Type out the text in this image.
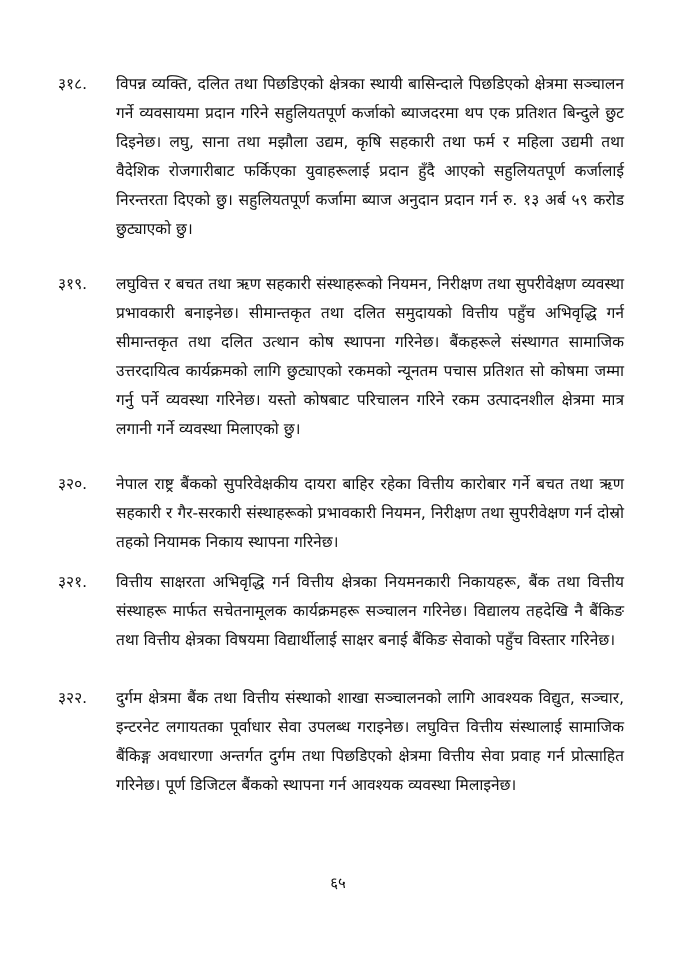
३१८. विपन्न व्यक्ति, दलित तथा पिछडिएको क्षेत्रका स्थायी बासिन्दाले पिछडिएको क्षेत्रमा सञ्चालन गर्ने व्यवसायमा प्रदान गरिने सहुलियतपूर्ण कर्जाको ब्याजदरमा थप एक प्रतिशत बिन्दुले छुट दिइनेछ। लघु, साना तथा मझौला उद्यम, कृषि सहकारी तथा फर्म र महिला उद्यमी तथा वैदेशिक रोजगारीबाट फर्किएका युवाहरूलाई प्रदान हुँदै आएको सहुलियतपूर्ण कर्जालाई निरन्तरता दिएको छु। सहुलियतपूर्ण कर्जामा ब्याज अनुदान प्रदान गर्न रु. १३ अर्ब ५९ करोड छुट्याएको छु।
३१९. लघुवित्त र बचत तथा ऋण सहकारी संस्थाहरूको नियमन, निरीक्षण तथा सुपरीवेक्षण व्यवस्था प्रभावकारी बनाइनेछ। सीमान्तकृत तथा दलित समुदायको वित्तीय पहुँच अभिवृद्धि गर्न सीमान्तकृत तथा दलित उत्थान कोष स्थापना गरिनेछ। बैंकहरूले संस्थागत सामाजिक उत्तरदायित्व कार्यक्रमको लागि छुट्याएको रकमको न्यूनतम पचास प्रतिशत सो कोषमा जम्मा गर्नु पर्ने व्यवस्था गरिनेछ। यस्तो कोषबाट परिचालन गरिने रकम उत्पादनशील क्षेत्रमा मात्र लगानी गर्ने व्यवस्था मिलाएको छु।
३२०. नेपाल राष्ट्र बैंकको सुपरिवेक्षकीय दायरा बाहिर रहेका वित्तीय कारोबार गर्ने बचत तथा ऋण सहकारी र गैर-सरकारी संस्थाहरूको प्रभावकारी नियमन, निरीक्षण तथा सुपरीवेक्षण गर्न दोस्रो तहको नियामक निकाय स्थापना गरिनेछ।
३२१. वित्तीय साक्षरता अभिवृद्धि गर्न वित्तीय क्षेत्रका नियमनकारी निकायहरू, बैंक तथा वित्तीय संस्थाहरू मार्फत सचेतनामूलक कार्यक्रमहरू सञ्चालन गरिनेछ। विद्यालय तहदेखि नै बैंकिङ तथा वित्तीय क्षेत्रका विषयमा विद्यार्थीलाई साक्षर बनाई बैंकिङ सेवाको पहुँच विस्तार गरिनेछ।
३२२. दुर्गम क्षेत्रमा बैंक तथा वित्तीय संस्थाको शाखा सञ्चालनको लागि आवश्यक विद्युत, सञ्चार, इन्टरनेट लगायतका पूर्वाधार सेवा उपलब्ध गराइनेछ। लघुवित्त वित्तीय संस्थालाई सामाजिक बैंकिङ्ग अवधारणा अन्तर्गत दुर्गम तथा पिछडिएको क्षेत्रमा वित्तीय सेवा प्रवाह गर्न प्रोत्साहित गरिनेछ। पूर्ण डिजिटल बैंकको स्थापना गर्न आवश्यक व्यवस्था मिलाइनेछ।
६५
